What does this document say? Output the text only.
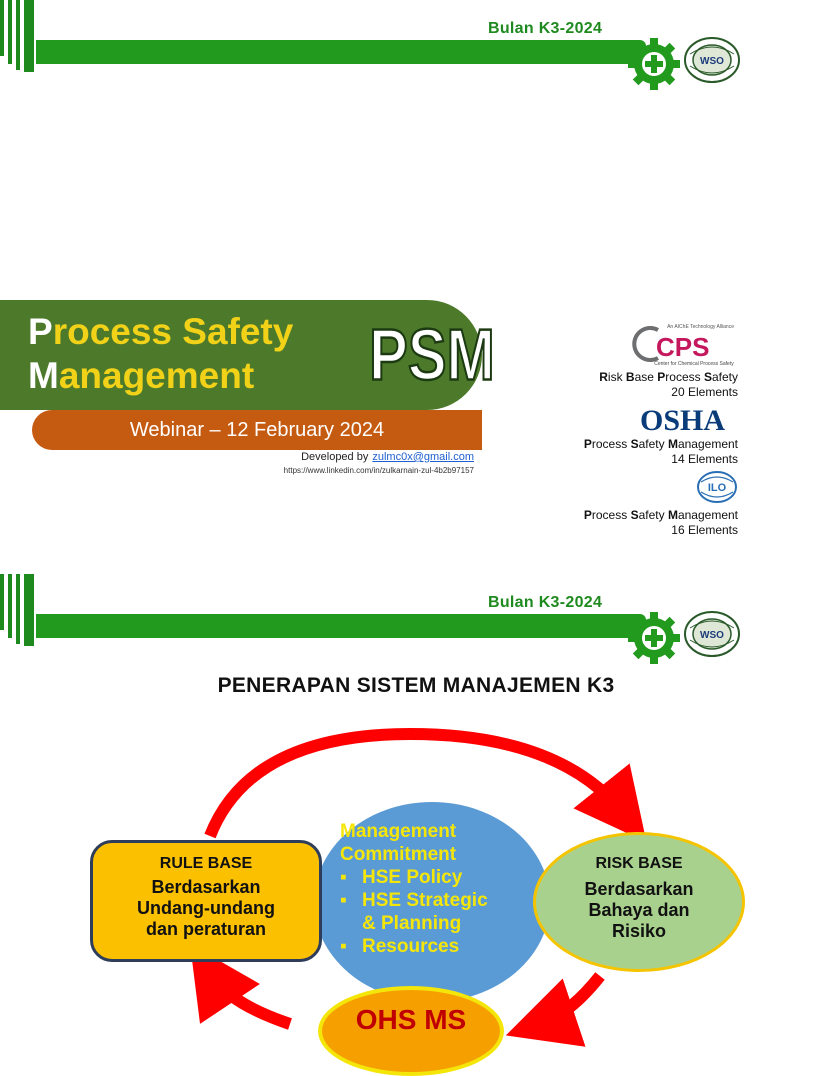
Bulan K3-2024
WSO
Process Safety
Management	PSM
Webinar – 12 February 2024
Developed by zulmc0x@gmail.com
https://www.linkedin.com/in/zulkarnain-zul-4b2b97157
An AIChE Technology Alliance
CPS
Center for Chemical Process Safety
Risk Base Process Safety
20 Elements
OSHA
Process Safety Management
14 Elements
ILO
Process Safety Management
16 Elements
Bulan K3-2024
WSO
PENERAPAN SISTEM MANAJEMEN K3
Management
Commitment
▪ HSE Policy
▪ HSE Strategic
& Planning
▪ Resources
RULE BASE
Berdasarkan
Undang-undang
dan peraturan
RISK BASE
Berdasarkan
Bahaya dan
Risiko
OHS MS
